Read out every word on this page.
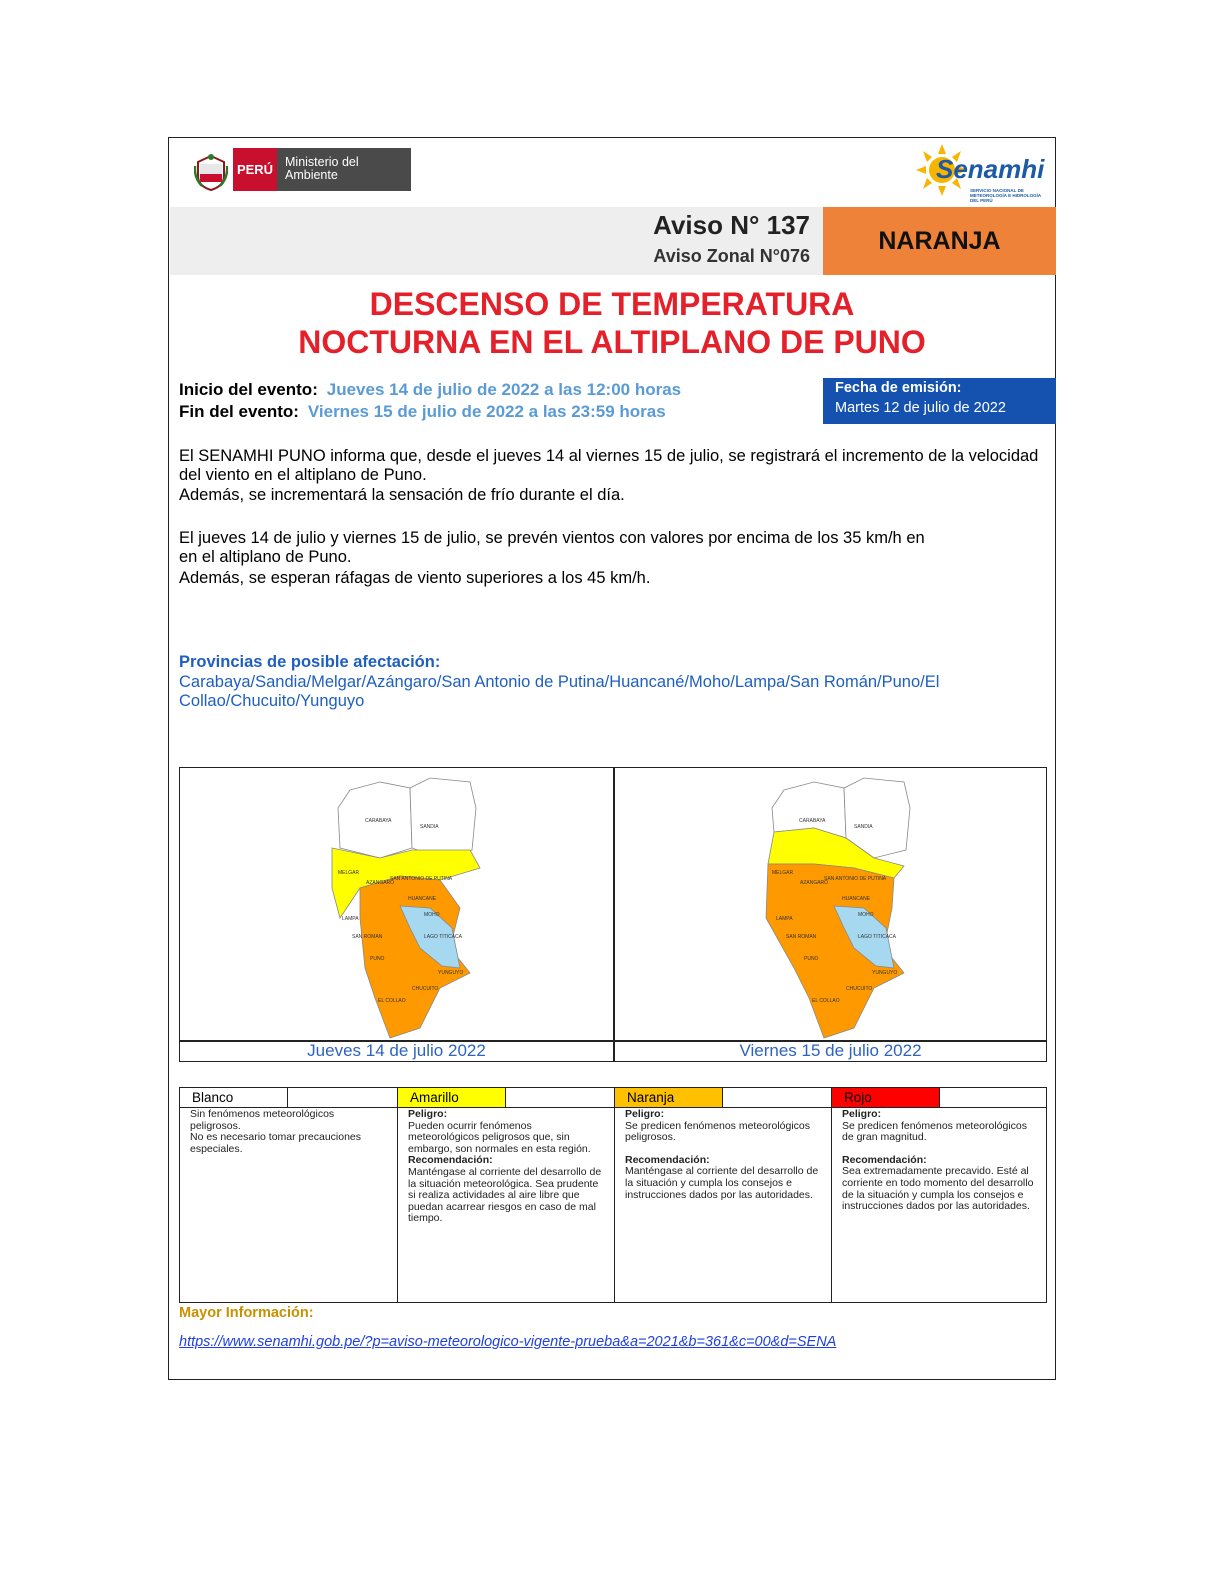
PERÚ Ministerio del Ambiente	Senamhi
SERVICIO NACIONAL DE METEOROLOGÍA E HIDROLOGÍA DEL PERÚ
Aviso N° 137
Aviso Zonal N°076
NARANJA
DESCENSO DE TEMPERATURA NOCTURNA EN EL ALTIPLANO DE PUNO
Inicio del evento: Jueves 14 de julio de 2022 a las 12:00 horas
Fin del evento: Viernes 15 de julio de 2022 a las 23:59 horas
Fecha de emisión:
Martes 12 de julio de 2022
El SENAMHI PUNO informa que, desde el jueves 14 al viernes 15 de julio, se registrará el incremento de la velocidad del viento en el altiplano de Puno.
Además, se incrementará la sensación de frío durante el día.
El jueves 14 de julio y viernes 15 de julio, se prevén vientos con valores por encima de los 35 km/h en
en el altiplano de Puno.
Además, se esperan ráfagas de viento superiores a los 45 km/h.
Provincias de posible afectación:
Carabaya/Sandia/Melgar/Azángaro/San Antonio de Putina/Huancané/Moho/Lampa/San Román/Puno/El Collao/Chucuito/Yunguyo
CARABAYA
SANDIA
MELGAR
AZANGARO
SAN ANTONIO DE PUTINA
HUANCANE
MOHO
LAMPA
LAGO TITICACA
SAN ROMAN
PUNO
YUNGUYO
CHUCUITO
EL COLLAO
CARABAYA
SANDIA
MELGAR
AZANGARO
SAN ANTONIO DE PUTINA
HUANCANE
MOHO
LAMPA
LAGO TITICACA
SAN ROMAN
PUNO
YUNGUYO
CHUCUITO
EL COLLAO
Jueves 14 de julio 2022	Viernes 15 de julio 2022
Blanco
Sin fenómenos meteorológicos peligrosos.
No es necesario tomar precauciones especiales.
Amarillo
Peligro:
Pueden ocurrir fenómenos meteorológicos peligrosos que, sin embargo, son normales en esta región.
Recomendación:
Manténgase al corriente del desarrollo de la situación meteorológica. Sea prudente si realiza actividades al aire libre que puedan acarrear riesgos en caso de mal tiempo.
Naranja
Peligro:
Se predicen fenómenos meteorológicos peligrosos.
Recomendación:
Manténgase al corriente del desarrollo de la situación y cumpla los consejos e instrucciones dados por las autoridades.
Rojo
Peligro:
Se predicen fenómenos meteorológicos de gran magnitud.
Recomendación:
Sea extremadamente precavido. Esté al corriente en todo momento del desarrollo de la situación y cumpla los consejos e instrucciones dados por las autoridades.
Mayor Información:
https://www.senamhi.gob.pe/?p=aviso-meteorologico-vigente-prueba&a=2021&b=361&c=00&d=SENA
